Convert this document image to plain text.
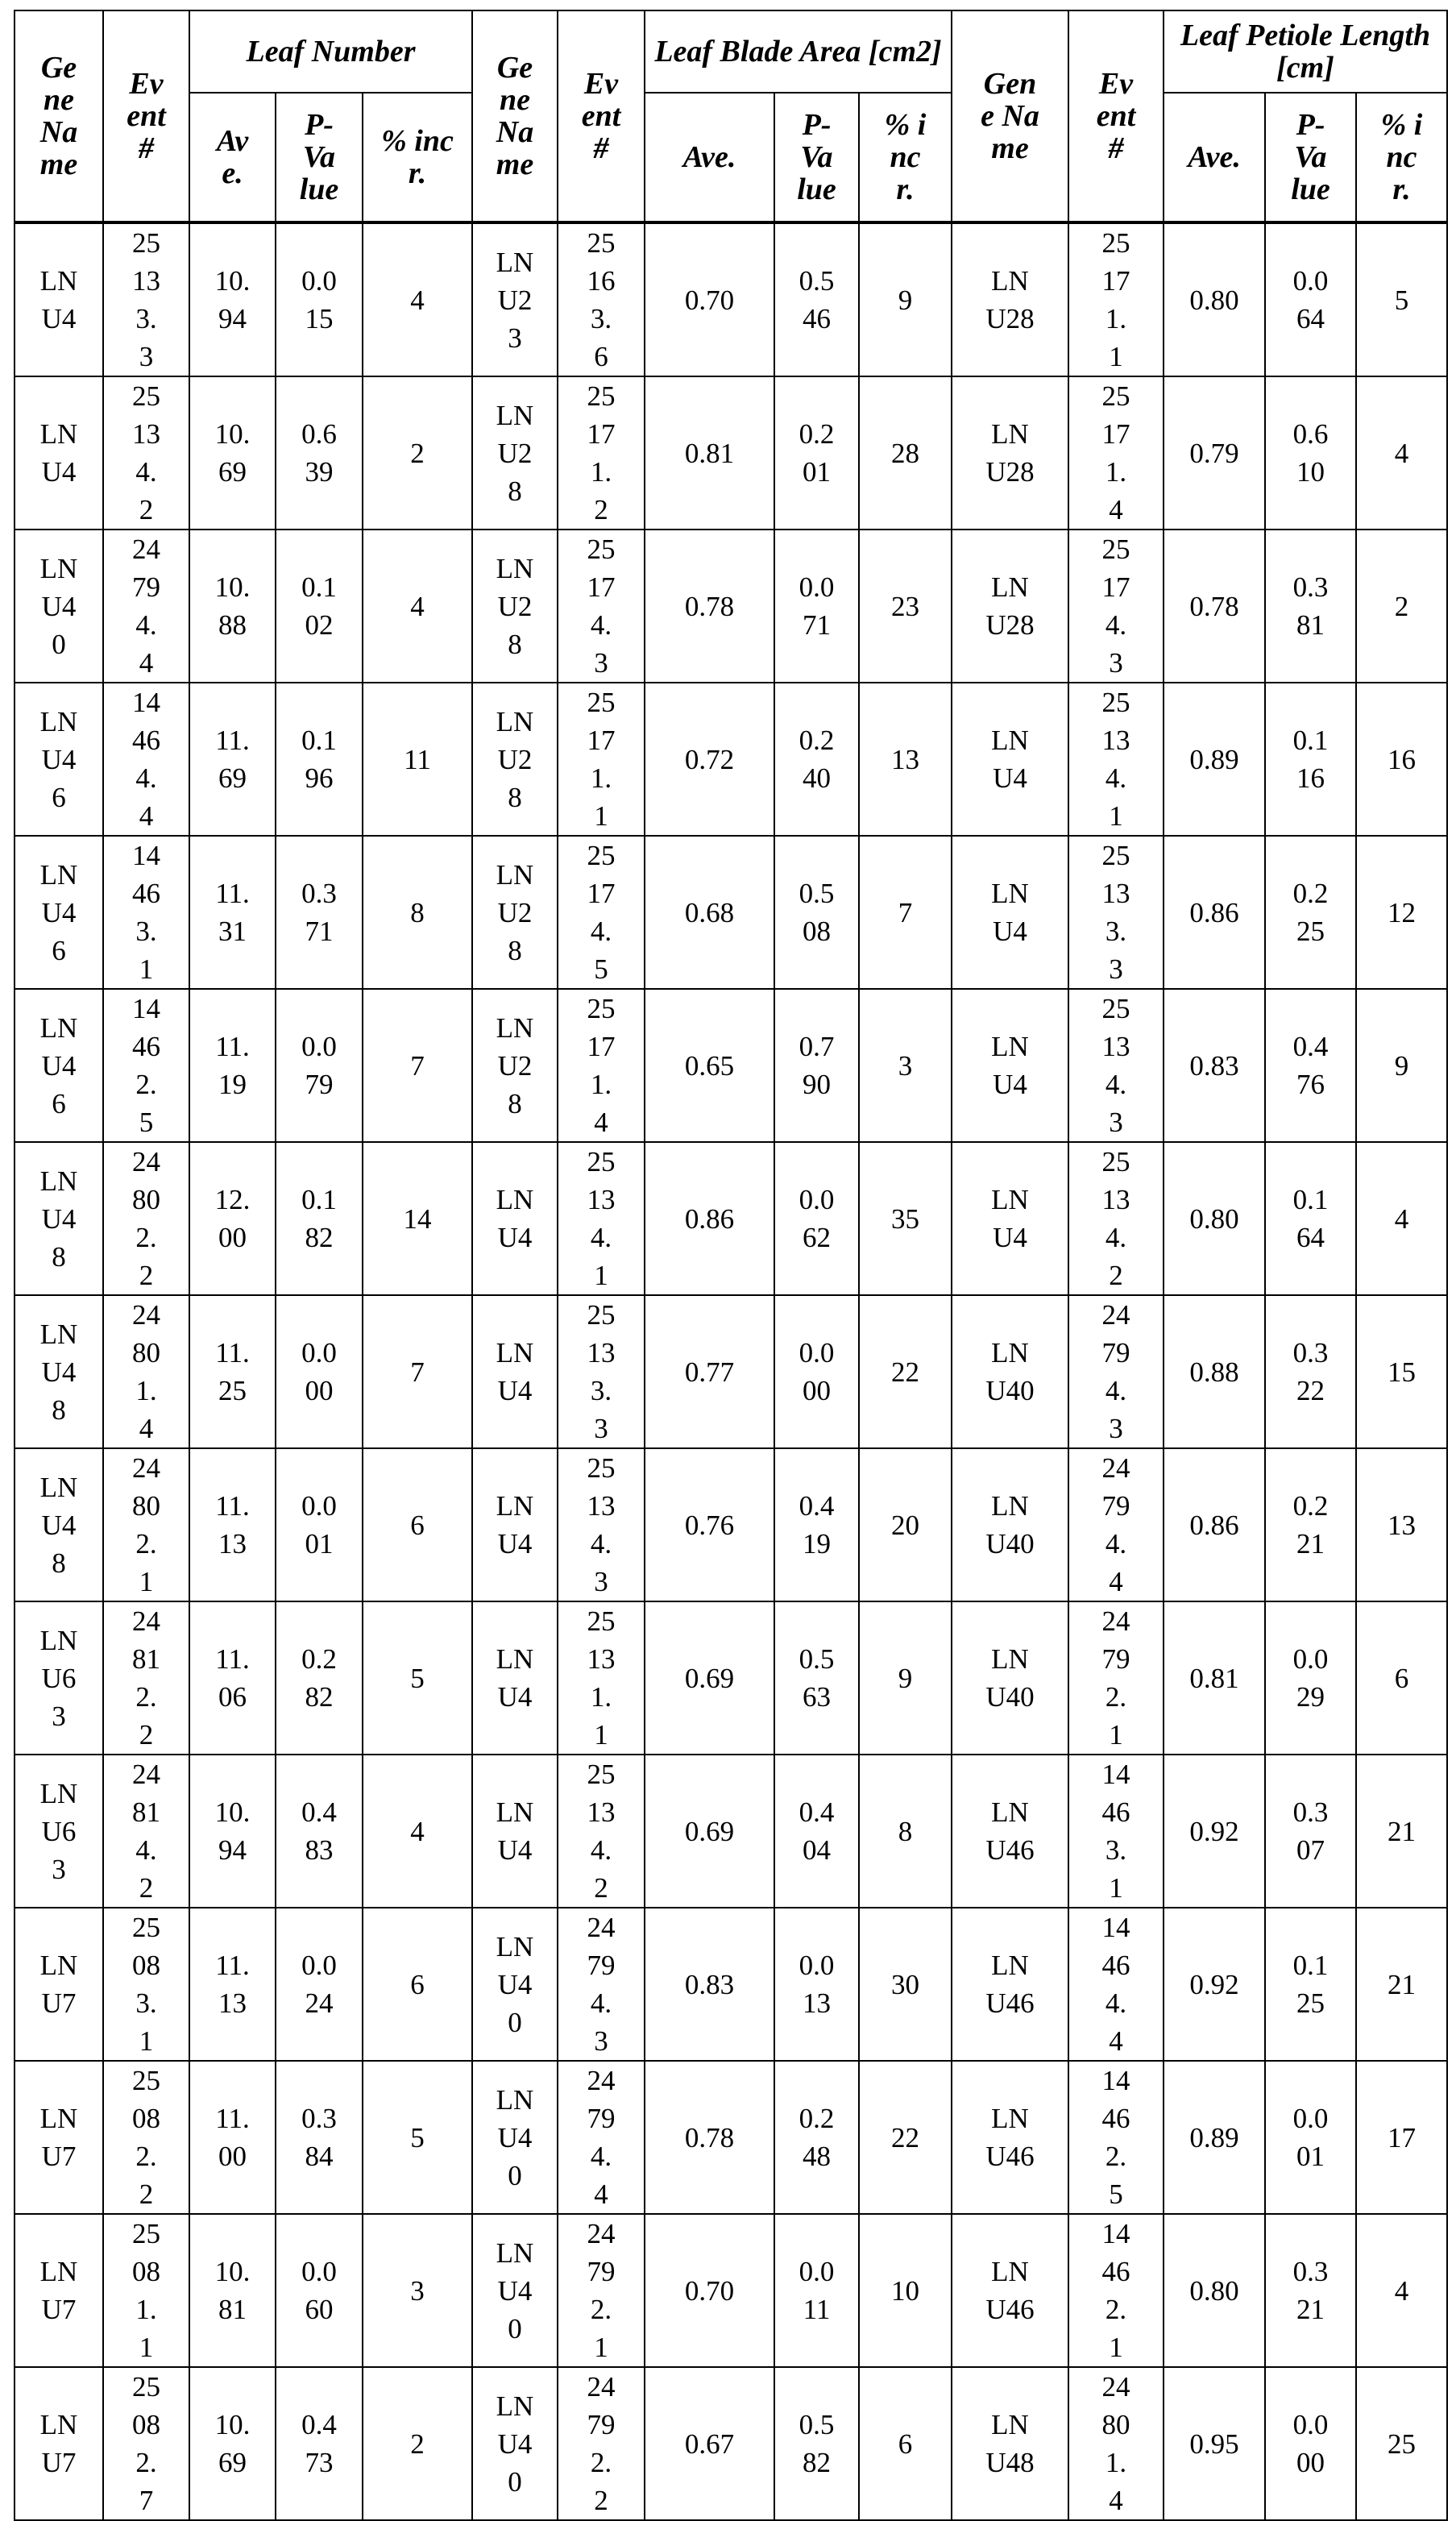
Gene Name	Event #	Leaf Number			Gene Name	Event #	Leaf Blade Area [cm2]			Gene Name	Event #	Leaf Petiole Length [cm]		
		Ave.	P-Value	% incr.			Ave.	P-Value	% incr.			Ave.	P-Value	% incr.
LNU4	25133.3	10.94	0.015	4	LNU23	25163.6	0.70	0.546	9	LNU28	25171.1	0.80	0.064	5
LNU4	25134.2	10.69	0.639	2	LNU28	25171.2	0.81	0.201	28	LNU28	25171.4	0.79	0.610	4
LNU40	24794.4	10.88	0.102	4	LNU28	25174.3	0.78	0.071	23	LNU28	25174.3	0.78	0.381	2
LNU46	14464.4	11.69	0.196	11	LNU28	25171.1	0.72	0.240	13	LNU4	25134.1	0.89	0.116	16
LNU46	14463.1	11.31	0.371	8	LNU28	25174.5	0.68	0.508	7	LNU4	25133.3	0.86	0.225	12
LNU46	14462.5	11.19	0.079	7	LNU28	25171.4	0.65	0.790	3	LNU4	25134.3	0.83	0.476	9
LNU48	24802.2	12.00	0.182	14	LNU4	25134.1	0.86	0.062	35	LNU4	25134.2	0.80	0.164	4
LNU48	24801.4	11.25	0.000	7	LNU4	25133.3	0.77	0.000	22	LNU40	24794.3	0.88	0.322	15
LNU48	24802.1	11.13	0.001	6	LNU4	25134.3	0.76	0.419	20	LNU40	24794.4	0.86	0.221	13
LNU63	24812.2	11.06	0.282	5	LNU4	25131.1	0.69	0.563	9	LNU40	24792.1	0.81	0.029	6
LNU63	24814.2	10.94	0.483	4	LNU4	25134.2	0.69	0.404	8	LNU46	14463.1	0.92	0.307	21
LNU7	25083.1	11.13	0.024	6	LNU40	24794.3	0.83	0.013	30	LNU46	14464.4	0.92	0.125	21
LNU7	25082.2	11.00	0.384	5	LNU40	24794.4	0.78	0.248	22	LNU46	14462.5	0.89	0.001	17
LNU7	25081.1	10.81	0.060	3	LNU40	24792.1	0.70	0.011	10	LNU46	14462.1	0.80	0.321	4
LNU7	25082.7	10.69	0.473	2	LNU40	24792.2	0.67	0.582	6	LNU48	24801.4	0.95	0.000	25
